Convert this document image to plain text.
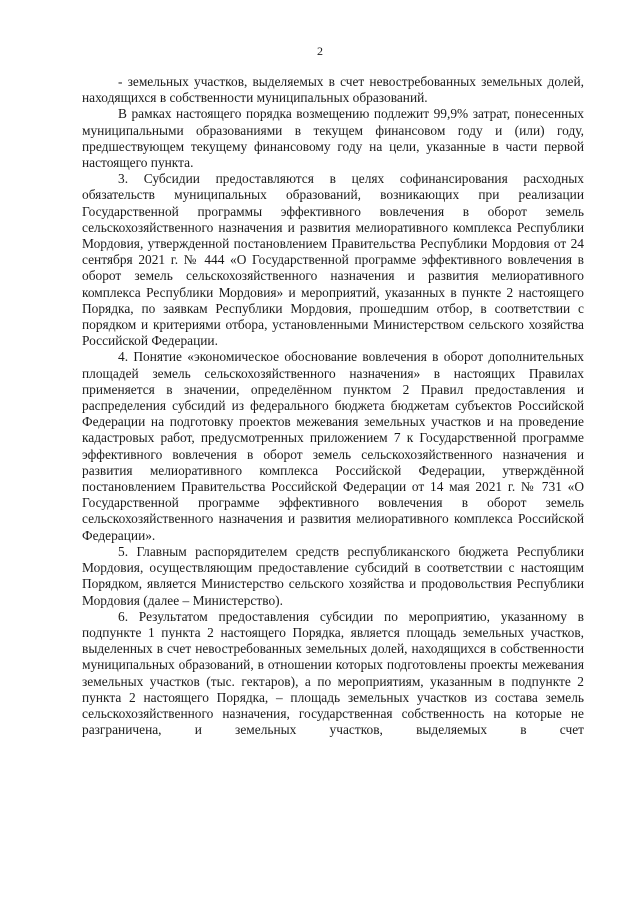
2

- земельных участков, выделяемых в счет невостребованных земельных долей, находящихся в собственности муниципальных образований.

В рамках настоящего порядка возмещению подлежит 99,9% затрат, понесенных муниципальными образованиями в текущем финансовом году и (или) году, предшествующем текущему финансовому году на цели, указанные в части первой настоящего пункта.

3. Субсидии предоставляются в целях софинансирования расходных обязательств муниципальных образований, возникающих при реализации Государственной программы эффективного вовлечения в оборот земель сельскохозяйственного назначения и развития мелиоративного комплекса Республики Мордовия, утвержденной постановлением Правительства Республики Мордовия от 24 сентября 2021 г. № 444 «О Государственной программе эффективного вовлечения в оборот земель сельскохозяйственного назначения и развития мелиоративного комплекса Республики Мордовия» и мероприятий, указанных в пункте 2 настоящего Порядка, по заявкам Республики Мордовия, прошедшим отбор, в соответствии с порядком и критериями отбора, установленными Министерством сельского хозяйства Российской Федерации.

4. Понятие «экономическое обоснование вовлечения в оборот дополнительных площадей земель сельскохозяйственного назначения» в настоящих Правилах применяется в значении, определённом пунктом 2 Правил предоставления и распределения субсидий из федерального бюджета бюджетам субъектов Российской Федерации на подготовку проектов межевания земельных участков и на проведение кадастровых работ, предусмотренных приложением 7 к Государственной программе эффективного вовлечения в оборот земель сельскохозяйственного назначения и развития мелиоративного комплекса Российской Федерации, утверждённой постановлением Правительства Российской Федерации от 14 мая 2021 г. № 731 «О Государственной программе эффективного вовлечения в оборот земель сельскохозяйственного назначения и развития мелиоративного комплекса Российской Федерации».

5. Главным распорядителем средств республиканского бюджета Республики Мордовия, осуществляющим предоставление субсидий в соответствии с настоящим Порядком, является Министерство сельского хозяйства и продовольствия Республики Мордовия (далее – Министерство).

6. Результатом предоставления субсидии по мероприятию, указанному в подпункте 1 пункта 2 настоящего Порядка, является площадь земельных участков, выделенных в счет невостребованных земельных долей, находящихся в собственности муниципальных образований, в отношении которых подготовлены проекты межевания земельных участков (тыс. гектаров), а по мероприятиям, указанным в подпункте 2 пункта 2 настоящего Порядка, – площадь земельных участков из состава земель сельскохозяйственного назначения, государственная собственность на которые не разграничена, и земельных участков, выделяемых в счет
